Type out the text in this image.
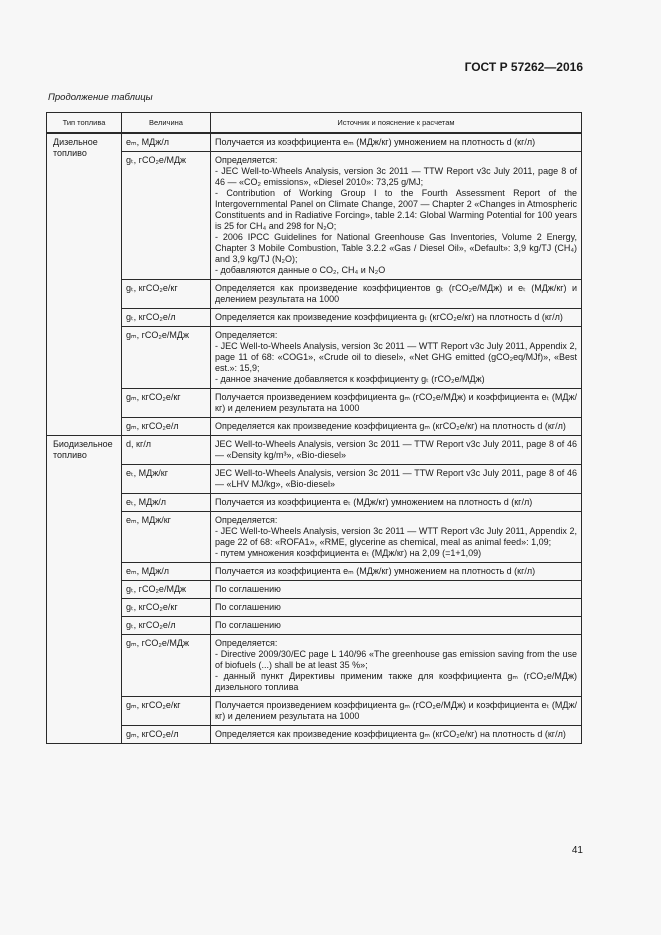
ГОСТ Р 57262—2016
Продолжение таблицы
Тип топлива	Величина	Источник и пояснение к расчетам
Дизельное топливо	eₘ, МДж/л	Получается из коэффициента eₘ (МДж/кг) умножением на плотность d (кг/л)

	gₜ, гCO₂е/МДж	Определяется:
- JEC Well-to-Wheels Analysis, version 3c 2011 — TTW Report v3c July 2011, page 8 of 46 — «CO₂ emissions», «Diesel 2010»: 73,25 g/MJ;
- Contribution of Working Group I to the Fourth Assessment Report of the Intergovernmental Panel on Climate Change, 2007 — Chapter 2 «Changes in Atmospheric Constituents and in Radiative Forcing», table 2.14: Global Warming Potential for 100 years is 25 for CH₄ and 298 for N₂O;
- 2006 IPCC Guidelines for National Greenhouse Gas Inventories, Volume 2 Energy, Chapter 3 Mobile Combustion, Table 3.2.2 «Gas / Diesel Oil», «Default»: 3,9 kg/TJ (CH₄) and 3,9 kg/TJ (N₂O);
- добавляются данные о CO₂, CH₄ и N₂O

	gₜ, кгCO₂е/кг	Определяется как произведение коэффициентов gₜ (гCO₂е/МДж) и eₜ (МДж/кг) и делением результата на 1000

	gₜ, кгCO₂е/л	Определяется как произведение коэффициента gₜ (кгCO₂е/кг) на плотность d (кг/л)

	gₘ, гCO₂е/МДж	Определяется:
- JEC Well-to-Wheels Analysis, version 3c 2011 — WTT Report v3c July 2011, Appendix 2, page 11 of 68: «COG1», «Crude oil to diesel», «Net GHG emitted (gCO₂eq/MJf)», «Best est.»: 15,9;
- данное значение добавляется к коэффициенту gₜ (гCO₂е/МДж)

	gₘ, кгCO₂е/кг	Получается произведением коэффициента gₘ (гCO₂е/МДж) и коэффициента eₜ (МДж/кг) и делением результата на 1000

	gₘ, кгCO₂е/л	Определяется как произведение коэффициента gₘ (кгCO₂е/кг) на плотность d (кг/л)

Биодизельное топливо	d, кг/л	JEC Well-to-Wheels Analysis, version 3c 2011 — TTW Report v3c July 2011, page 8 of 46 — «Density kg/m³», «Bio-diesel»

	eₜ, МДж/кг	JEC Well-to-Wheels Analysis, version 3c 2011 — TTW Report v3c July 2011, page 8 of 46 — «LHV MJ/kg», «Bio-diesel»

	eₜ, МДж/л	Получается из коэффициента eₜ (МДж/кг) умножением на плотность d (кг/л)

	eₘ, МДж/кг	Определяется:
- JEC Well-to-Wheels Analysis, version 3c 2011 — WTT Report v3c July 2011, Appendix 2, page 22 of 68: «ROFA1», «RME, glycerine as chemical, meal as animal feed»: 1,09;
- путем умножения коэффициента eₜ (МДж/кг) на 2,09 (=1+1,09)

	eₘ, МДж/л	Получается из коэффициента eₘ (МДж/кг) умножением на плотность d (кг/л)

	gₜ, гCO₂е/МДж	По соглашению

	gₜ, кгCO₂е/кг	По соглашению

	gₜ, кгCO₂е/л	По соглашению

	gₘ, гCO₂е/МДж	Определяется:
- Directive 2009/30/EC page L 140/96 «The greenhouse gas emission saving from the use of biofuels (...) shall be at least 35 %»;
- данный пункт Директивы применим также для коэффициента gₘ (гCO₂е/МДж) дизельного топлива

	gₘ, кгCO₂е/кг	Получается произведением коэффициента gₘ (гCO₂е/МДж) и коэффициента eₜ (МДж/кг) и делением результата на 1000

	gₘ, кгCO₂е/л	Определяется как произведение коэффициента gₘ (кгCO₂е/кг) на плотность d (кг/л)
41
